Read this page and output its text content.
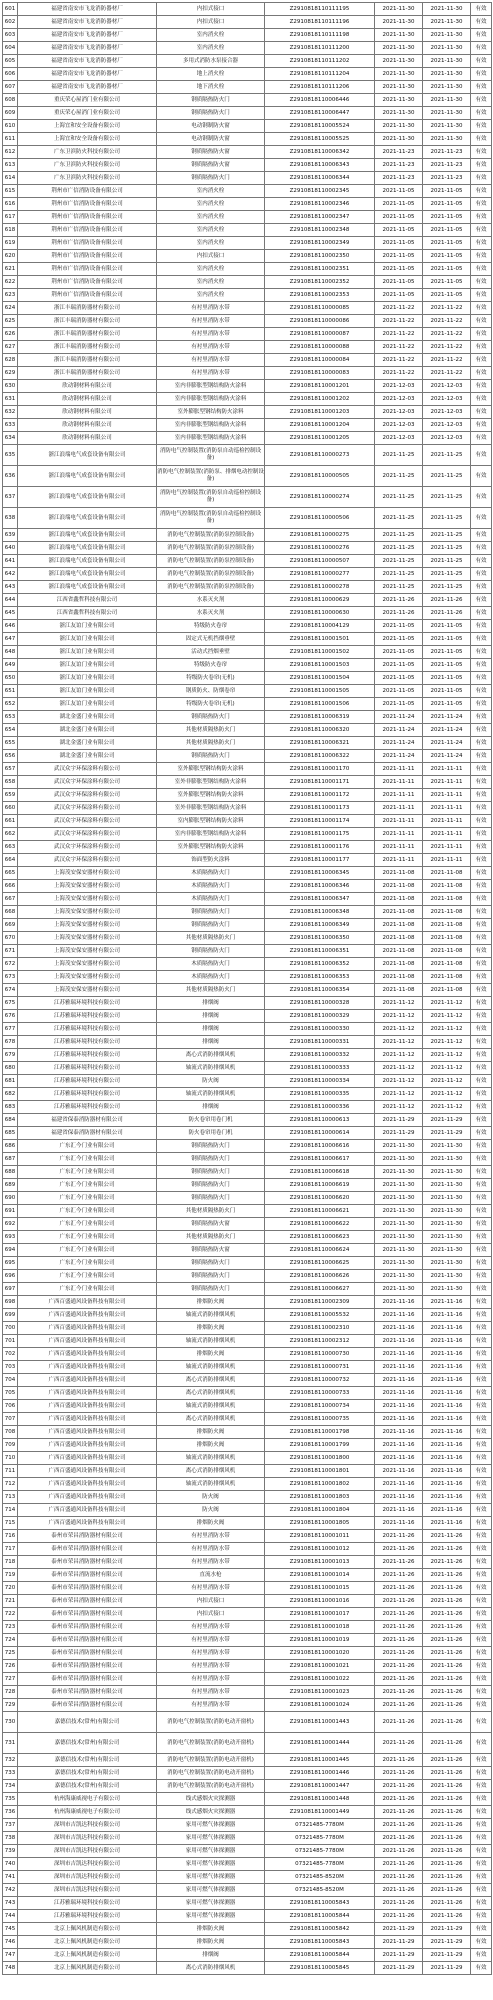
601	福建省南安市飞龙消防器材厂	内扣式接口	Z2910818110111195	2021-11-30	2021-11-30	有效
602	福建省南安市飞龙消防器材厂	内扣式接口	Z2910818110111196	2021-11-30	2021-11-30	有效
603	福建省南安市飞龙消防器材厂	室内消火栓	Z2910818110111198	2021-11-30	2021-11-30	有效
604	福建省南安市飞龙消防器材厂	室内消火栓	Z2910818110111200	2021-11-30	2021-11-30	有效
605	福建省南安市飞龙消防器材厂	多用式消防水泵接合器	Z2910818110111202	2021-11-30	2021-11-30	有效
606	福建省南安市飞龙消防器材厂	地上消火栓	Z2910818110111204	2021-11-30	2021-11-30	有效
607	福建省南安市飞龙消防器材厂	地下消火栓	Z2910818110111206	2021-11-30	2021-11-30	有效
608	重庆荣心屋消门业有限公司	钢质隔热防火门	Z2910818110006446	2021-11-30	2021-11-30	有效
609	重庆荣心屋消门业有限公司	钢质隔热防火门	Z2910818110006447	2021-11-30	2021-11-30	有效
610	上海宜和安全设备有限公司	电动钢制防火窗	Z2910818110005524	2021-11-30	2021-11-30	有效
611	上海宜和安全设备有限公司	电动钢制防火窗	Z2910818110005525	2021-11-30	2021-11-30	有效
612	广东卫滨防火科技有限公司	钢质隔热防火窗	Z2910818110006342	2021-11-23	2021-11-23	有效
613	广东卫滨防火科技有限公司	钢质隔热防火窗	Z2910818110006343	2021-11-23	2021-11-23	有效
614	广东卫滨防火科技有限公司	钢质隔热防火门	Z2910818110006344	2021-11-23	2021-11-23	有效
615	荆州市广信消防设备有限公司	室内消火栓	Z2910818110002345	2021-11-05	2021-11-05	有效
616	荆州市广信消防设备有限公司	室内消火栓	Z2910818110002346	2021-11-05	2021-11-05	有效
617	荆州市广信消防设备有限公司	室内消火栓	Z2910818110002347	2021-11-05	2021-11-05	有效
618	荆州市广信消防设备有限公司	室内消火栓	Z2910818110002348	2021-11-05	2021-11-05	有效
619	荆州市广信消防设备有限公司	室内消火栓	Z2910818110002349	2021-11-05	2021-11-05	有效
620	荆州市广信消防设备有限公司	内扣式接口	Z2910818110002350	2021-11-05	2021-11-05	有效
621	荆州市广信消防设备有限公司	室内消火栓	Z2910818110002351	2021-11-05	2021-11-05	有效
622	荆州市广信消防设备有限公司	室内消火栓	Z2910818110002352	2021-11-05	2021-11-05	有效
623	荆州市广信消防设备有限公司	室内消火栓	Z2910818110002353	2021-11-05	2021-11-05	有效
624	浙江丰瑞消防器材有限公司	有衬里消防水带	Z2910818110000085	2021-11-22	2021-11-22	有效
625	浙江丰瑞消防器材有限公司	有衬里消防水带	Z2910818110000086	2021-11-22	2021-11-22	有效
626	浙江丰瑞消防器材有限公司	有衬里消防水带	Z2910818110000087	2021-11-22	2021-11-22	有效
627	浙江丰瑞消防器材有限公司	有衬里消防水带	Z2910818110000088	2021-11-22	2021-11-22	有效
628	浙江丰瑞消防器材有限公司	有衬里消防水带	Z2910818110000084	2021-11-22	2021-11-22	有效
629	浙江丰瑞消防器材有限公司	有衬里消防水带	Z2910818110000083	2021-11-22	2021-11-22	有效
630	欣动钢材料有限公司	室内非膨胀型钢结构防火涂料	Z2910818110001201	2021-12-03	2021-12-03	有效
631	欣动钢材料有限公司	室内非膨胀型钢结构防火涂料	Z2910818110001202	2021-12-03	2021-12-03	有效
632	欣动钢材料有限公司	室外膨胀型钢结构防火涂料	Z2910818110001203	2021-12-03	2021-12-03	有效
633	欣动钢材料有限公司	室内非膨胀型钢结构防火涂料	Z2910818110001204	2021-12-03	2021-12-03	有效
634	欣动钢材料有限公司	室内非膨胀型钢结构防火涂料	Z2910818110001205	2021-12-03	2021-12-03	有效
635	浙江浪端电气成套设备有限公司	消防电气控制装置(消防泵自动巡检控制设备)	Z2910818110000273	2021-11-25	2021-11-25	有效
636	浙江浪端电气成套设备有限公司	消防电气控制装置(消防泵、排烟电动控制设备)	Z2910818110000505	2021-11-25	2021-11-25	有效
637	浙江浪端电气成套设备有限公司	消防电气控制装置(消防泵自动巡检控制设备)	Z2910818110000274	2021-11-25	2021-11-25	有效
638	浙江浪端电气成套设备有限公司	消防电气控制装置(消防泵自动巡检控制设备)	Z2910818110000506	2021-11-25	2021-11-25	有效
639	浙江浪端电气成套设备有限公司	消防电气控制装置(消防泵控制设备)	Z2910818110000275	2021-11-25	2021-11-25	有效
640	浙江浪端电气成套设备有限公司	消防电气控制装置(消防泵控制设备)	Z2910818110000276	2021-11-25	2021-11-25	有效
641	浙江浪端电气成套设备有限公司	消防电气控制装置(消防泵控制设备)	Z2910818110000507	2021-11-25	2021-11-25	有效
642	浙江浪端电气成套设备有限公司	消防电气控制装置(消防泵控制设备)	Z2910818110000277	2021-11-25	2021-11-25	有效
643	浙江浪端电气成套设备有限公司	消防电气控制装置(消防泵控制设备)	Z2910818110000278	2021-11-25	2021-11-25	有效
644	江西省鑫哲科技有限公司	水系灭火剂	Z2910818110000629	2021-11-26	2021-11-26	有效
645	江西省鑫哲科技有限公司	水系灭火剂	Z2910818110000630	2021-11-26	2021-11-26	有效
646	浙江友谊门业有限公司	特级防火卷帘	Z2910818110004129	2021-11-05	2021-11-05	有效
647	浙江友谊门业有限公司	固定式无机挡烟垂壁	Z2910818110001501	2021-11-05	2021-11-05	有效
648	浙江友谊门业有限公司	活动式挡烟垂壁	Z2910818110001502	2021-11-05	2021-11-05	有效
649	浙江友谊门业有限公司	特级防火卷帘	Z2910818110001503	2021-11-05	2021-11-05	有效
650	浙江友谊门业有限公司	特级防火卷帘(无机)	Z2910818110001504	2021-11-05	2021-11-05	有效
651	浙江友谊门业有限公司	钢质防火、防烟卷帘	Z2910818110001505	2021-11-05	2021-11-05	有效
652	浙江友谊门业有限公司	特级防火卷帘(无机)	Z2910818110001506	2021-11-05	2021-11-05	有效
653	湖北金盛门业有限公司	钢质隔热防火门	Z2910818110006319	2021-11-24	2021-11-24	有效
654	湖北金盛门业有限公司	其他材质隔热防火门	Z2910818110006320	2021-11-24	2021-11-24	有效
655	湖北金盛门业有限公司	其他材质隔热防火门	Z2910818110006321	2021-11-24	2021-11-24	有效
656	湖北金盛门业有限公司	钢质隔热防火门	Z2910818110006322	2021-11-24	2021-11-24	有效
657	武汉众宇环保涂料有限公司	室外膨胀型钢结构防火涂料	Z2910818110001170	2021-11-11	2021-11-11	有效
658	武汉众宇环保涂料有限公司	室外非膨胀型钢结构防火涂料	Z2910818110001171	2021-11-11	2021-11-11	有效
659	武汉众宇环保涂料有限公司	室外膨胀型钢结构防火涂料	Z2910818110001172	2021-11-11	2021-11-11	有效
660	武汉众宇环保涂料有限公司	室外非膨胀型钢结构防火涂料	Z2910818110001173	2021-11-11	2021-11-11	有效
661	武汉众宇环保涂料有限公司	室内膨胀型钢结构防火涂料	Z2910818110001174	2021-11-11	2021-11-11	有效
662	武汉众宇环保涂料有限公司	室内非膨胀型钢结构防火涂料	Z2910818110001175	2021-11-11	2021-11-11	有效
663	武汉众宇环保涂料有限公司	室外膨胀型钢结构防火涂料	Z2910818110001176	2021-11-11	2021-11-11	有效
664	武汉众宇环保涂料有限公司	饰面型防火涂料	Z2910818110001177	2021-11-11	2021-11-11	有效
665	上海茂安保安器材有限公司	木质隔热防火门	Z2910818110006345	2021-11-08	2021-11-08	有效
666	上海茂安保安器材有限公司	木质隔热防火门	Z2910818110006346	2021-11-08	2021-11-08	有效
667	上海茂安保安器材有限公司	木质隔热防火门	Z2910818110006347	2021-11-08	2021-11-08	有效
668	上海茂安保安器材有限公司	钢质隔热防火门	Z2910818110006348	2021-11-08	2021-11-08	有效
669	上海茂安保安器材有限公司	钢质隔热防火门	Z2910818110006349	2021-11-08	2021-11-08	有效
670	上海茂安保安器材有限公司	其他材质隔热防火门	Z2910818110006350	2021-11-08	2021-11-08	有效
671	上海茂安保安器材有限公司	钢质隔热防火门	Z2910818110006351	2021-11-08	2021-11-08	有效
672	上海茂安保安器材有限公司	木质隔热防火门	Z2910818110006352	2021-11-08	2021-11-08	有效
673	上海茂安保安器材有限公司	木质隔热防火门	Z2910818110006353	2021-11-08	2021-11-08	有效
674	上海茂安保安器材有限公司	其他材质隔热防火门	Z2910818110006354	2021-11-08	2021-11-08	有效
675	江苏雅瑞环境科技有限公司	排烟阀	Z2910818110000328	2021-11-12	2021-11-12	有效
676	江苏雅瑞环境科技有限公司	排烟阀	Z2910818110000329	2021-11-12	2021-11-12	有效
677	江苏雅瑞环境科技有限公司	排烟阀	Z2910818110000330	2021-11-12	2021-11-12	有效
678	江苏雅瑞环境科技有限公司	排烟阀	Z2910818110000331	2021-11-12	2021-11-12	有效
679	江苏雅瑞环境科技有限公司	离心式消防排烟风机	Z2910818110000332	2021-11-12	2021-11-12	有效
680	江苏雅瑞环境科技有限公司	轴流式消防排烟风机	Z2910818110000333	2021-11-12	2021-11-12	有效
681	江苏雅瑞环境科技有限公司	防火阀	Z2910818110000334	2021-11-12	2021-11-12	有效
682	江苏雅瑞环境科技有限公司	轴流式消防排烟风机	Z2910818110000335	2021-11-12	2021-11-12	有效
683	江苏雅瑞环境科技有限公司	排烟阀	Z2910818110000336	2021-11-12	2021-11-12	有效
684	福建省保泰消防器材有限公司	防火卷帘用卷门机	Z2910818110000613	2021-11-29	2021-11-29	有效
685	福建省保泰消防器材有限公司	防火卷帘用卷门机	Z2910818110000614	2021-11-29	2021-11-29	有效
686	广东汇今门业有限公司	钢质隔热防火门	Z2910818110006616	2021-11-30	2021-11-30	有效
687	广东汇今门业有限公司	钢质隔热防火门	Z2910818110006617	2021-11-30	2021-11-30	有效
688	广东汇今门业有限公司	钢质隔热防火门	Z2910818110006618	2021-11-30	2021-11-30	有效
689	广东汇今门业有限公司	钢质隔热防火门	Z2910818110006619	2021-11-30	2021-11-30	有效
690	广东汇今门业有限公司	钢质隔热防火门	Z2910818110006620	2021-11-30	2021-11-30	有效
691	广东汇今门业有限公司	其他材质隔热防火门	Z2910818110006621	2021-11-30	2021-11-30	有效
692	广东汇今门业有限公司	钢质隔热防火窗	Z2910818110006622	2021-11-30	2021-11-30	有效
693	广东汇今门业有限公司	其他材质隔热防火门	Z2910818110006623	2021-11-30	2021-11-30	有效
694	广东汇今门业有限公司	钢质隔热防火窗	Z2910818110006624	2021-11-30	2021-11-30	有效
695	广东汇今门业有限公司	钢质隔热防火门	Z2910818110006625	2021-11-30	2021-11-30	有效
696	广东汇今门业有限公司	钢质隔热防火门	Z2910818110006626	2021-11-30	2021-11-30	有效
697	广东汇今门业有限公司	钢质隔热防火门	Z2910818110006627	2021-11-30	2021-11-30	有效
698	广西百盛通风设备科技有限公司	排烟防火阀	Z2910818110002309	2021-11-16	2021-11-16	有效
699	广西百盛通风设备科技有限公司	轴流式消防排烟风机	Z2910818110005532	2021-11-16	2021-11-16	有效
700	广西百盛通风设备科技有限公司	排烟防火阀	Z2910818110002310	2021-11-16	2021-11-16	有效
701	广西百盛通风设备科技有限公司	轴流式消防排烟风机	Z2910818110002312	2021-11-16	2021-11-16	有效
702	广西百盛通风设备科技有限公司	排烟防火阀	Z2910818110000730	2021-11-16	2021-11-16	有效
703	广西百盛通风设备科技有限公司	轴流式消防排烟风机	Z2910818110000731	2021-11-16	2021-11-16	有效
704	广西百盛通风设备科技有限公司	离心式消防排烟风机	Z2910818110000732	2021-11-16	2021-11-16	有效
705	广西百盛通风设备科技有限公司	离心式消防排烟风机	Z2910818110000733	2021-11-16	2021-11-16	有效
706	广西百盛通风设备科技有限公司	轴流式消防排烟风机	Z2910818110000734	2021-11-16	2021-11-16	有效
707	广西百盛通风设备科技有限公司	离心式消防排烟风机	Z2910818110000735	2021-11-16	2021-11-16	有效
708	广西百盛通风设备科技有限公司	排烟防火阀	Z2910818110001798	2021-11-16	2021-11-16	有效
709	广西百盛通风设备科技有限公司	排烟防火阀	Z2910818110001799	2021-11-16	2021-11-16	有效
710	广西百盛通风设备科技有限公司	轴流式消防排烟风机	Z2910818110001800	2021-11-16	2021-11-16	有效
711	广西百盛通风设备科技有限公司	离心式消防排烟风机	Z2910818110001801	2021-11-16	2021-11-16	有效
712	广西百盛通风设备科技有限公司	轴流式消防排烟风机	Z2910818110001802	2021-11-16	2021-11-16	有效
713	广西百盛通风设备科技有限公司	防火阀	Z2910818110001803	2021-11-16	2021-11-16	有效
714	广西百盛通风设备科技有限公司	防火阀	Z2910818110001804	2021-11-16	2021-11-16	有效
715	广西百盛通风设备科技有限公司	排烟防火阀	Z2910818110001805	2021-11-16	2021-11-16	有效
716	泰州市荣昌消防器材有限公司	有衬里消防水带	Z2910818110001011	2021-11-26	2021-11-26	有效
717	泰州市荣昌消防器材有限公司	有衬里消防水带	Z2910818110001012	2021-11-26	2021-11-26	有效
718	泰州市荣昌消防器材有限公司	有衬里消防水带	Z2910818110001013	2021-11-26	2021-11-26	有效
719	泰州市荣昌消防器材有限公司	直流水枪	Z2910818110001014	2021-11-26	2021-11-26	有效
720	泰州市荣昌消防器材有限公司	有衬里消防水带	Z2910818110001015	2021-11-26	2021-11-26	有效
721	泰州市荣昌消防器材有限公司	内扣式接口	Z2910818110001016	2021-11-26	2021-11-26	有效
722	泰州市荣昌消防器材有限公司	内扣式接口	Z2910818110001017	2021-11-26	2021-11-26	有效
723	泰州市荣昌消防器材有限公司	有衬里消防水带	Z2910818110001018	2021-11-26	2021-11-26	有效
724	泰州市荣昌消防器材有限公司	有衬里消防水带	Z2910818110001019	2021-11-26	2021-11-26	有效
725	泰州市荣昌消防器材有限公司	有衬里消防水带	Z2910818110001020	2021-11-26	2021-11-26	有效
726	泰州市荣昌消防器材有限公司	有衬里消防水带	Z2910818110001021	2021-11-26	2021-11-26	有效
727	泰州市荣昌消防器材有限公司	有衬里消防水带	Z2910818110001022	2021-11-26	2021-11-26	有效
728	泰州市荣昌消防器材有限公司	有衬里消防水带	Z2910818110001023	2021-11-26	2021-11-26	有效
729	泰州市荣昌消防器材有限公司	有衬里消防水带	Z2910818110001024	2021-11-26	2021-11-26	有效
730	嘉德信技术(常州)有限公司	消防电气控制装置(消防电动开窗机)	Z2910818110001443	2021-11-26	2021-11-26	有效
731	嘉德信技术(常州)有限公司	消防电气控制装置(消防电动开窗机)	Z2910818110001444	2021-11-26	2021-11-26	有效
732	嘉德信技术(常州)有限公司	消防电气控制装置(消防电动开窗机)	Z2910818110001445	2021-11-26	2021-11-26	有效
733	嘉德信技术(常州)有限公司	消防电气控制装置(消防电动开窗机)	Z2910818110001446	2021-11-26	2021-11-26	有效
734	嘉德信技术(常州)有限公司	消防电气控制装置(消防电动开窗机)	Z2910818110001447	2021-11-26	2021-11-26	有效
735	杭州海康威视电子有限公司	线式感烟火灾探测器	Z2910818110001448	2021-11-26	2021-11-26	有效
736	杭州海康威视电子有限公司	线式感烟火灾探测器	Z2910818110001449	2021-11-26	2021-11-26	有效
737	深圳市吉凯达科技有限公司	家用可燃气体探测器	07321485-7780M	2021-11-26	2021-11-26	有效
738	深圳市吉凯达科技有限公司	家用可燃气体探测器	07321485-7780M	2021-11-26	2021-11-26	有效
739	深圳市吉凯达科技有限公司	家用可燃气体探测器	07321485-7780M	2021-11-26	2021-11-26	有效
740	深圳市吉凯达科技有限公司	家用可燃气体探测器	07321485-7780M	2021-11-26	2021-11-26	有效
741	深圳市吉凯达科技有限公司	家用可燃气体探测器	07321485-8520M	2021-11-26	2021-11-26	有效
742	深圳市吉凯达科技有限公司	家用可燃气体探测器	07321485-8520M	2021-11-26	2021-11-26	有效
743	江苏雅瑞环境科技有限公司	家用可燃气体探测器	Z2910818110005843	2021-11-26	2021-11-26	有效
744	江苏雅瑞环境科技有限公司	家用可燃气体探测器	Z2910818110005844	2021-11-26	2021-11-26	有效
745	北京上佩风机制造有限公司	排烟防火阀	Z2910818110005842	2021-11-29	2021-11-29	有效
746	北京上佩风机制造有限公司	排烟防火阀	Z2910818110005843	2021-11-29	2021-11-29	有效
747	北京上佩风机制造有限公司	排烟阀	Z2910818110005844	2021-11-29	2021-11-29	有效
748	北京上佩风机制造有限公司	离心式消防排烟风机	Z2910818110005845	2021-11-29	2021-11-29	有效
